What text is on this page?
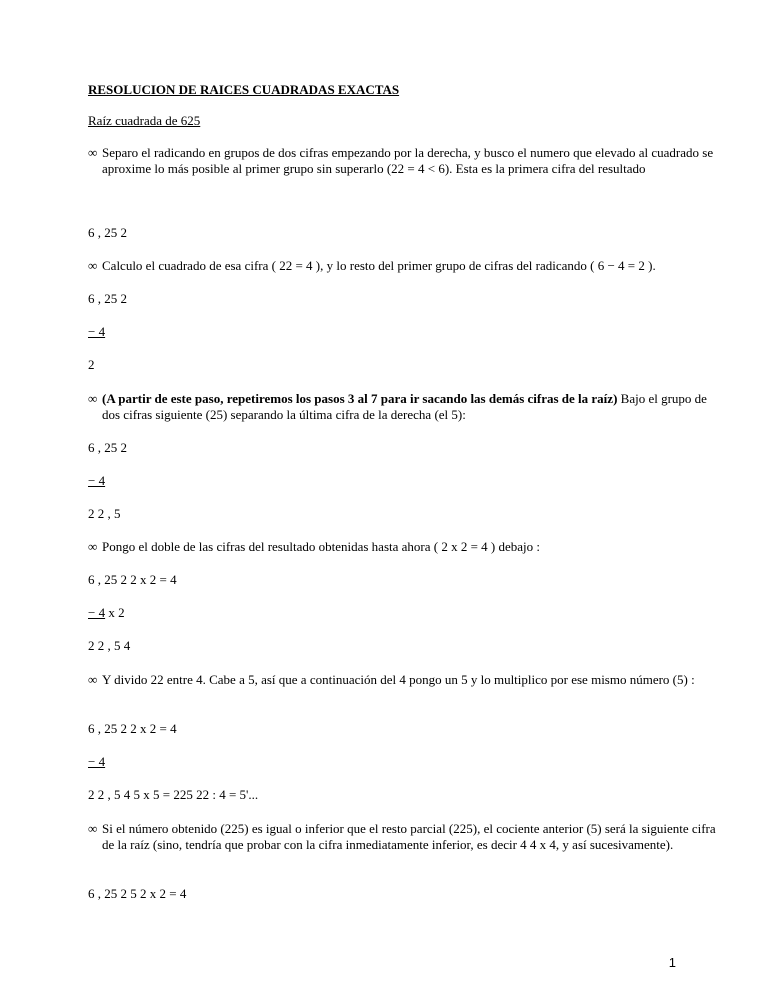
RESOLUCION DE RAICES CUADRADAS EXACTAS
Raíz cuadrada de 625
∞ Separo el radicando en grupos de dos cifras empezando por la derecha, y busco el numero que elevado al cuadrado se aproxime lo más posible al primer grupo sin superarlo (22 = 4 < 6). Esta es la primera cifra del resultado
6 , 25 2
∞ Calculo el cuadrado de esa cifra ( 22 = 4 ), y lo resto del primer grupo de cifras del radicando ( 6 − 4 = 2 ).
6 , 25 2
− 4
2
∞ (A partir de este paso, repetiremos los pasos 3 al 7 para ir sacando las demás cifras de la raíz) Bajo el grupo de dos cifras siguiente (25) separando la última cifra de la derecha (el 5):
6 , 25 2
− 4
2 2 , 5
∞ Pongo el doble de las cifras del resultado obtenidas hasta ahora ( 2 x 2 = 4 ) debajo :
6 , 25 2 2 x 2 = 4
− 4 x 2
2 2 , 5 4
∞ Y divido 22 entre 4. Cabe a 5, así que a continuación del 4 pongo un 5 y lo multiplico por ese mismo número (5) :
6 , 25 2 2 x 2 = 4
− 4
2 2 , 5 4 5 x 5 = 225 22 : 4 = 5'...
∞ Si el número obtenido (225) es igual o inferior que el resto parcial (225), el cociente anterior (5) será la siguiente cifra de la raíz (sino, tendría que probar con la cifra inmediatamente inferior, es decir 4 4 x 4, y así sucesivamente).
6 , 25 2 5 2 x 2 = 4
1
